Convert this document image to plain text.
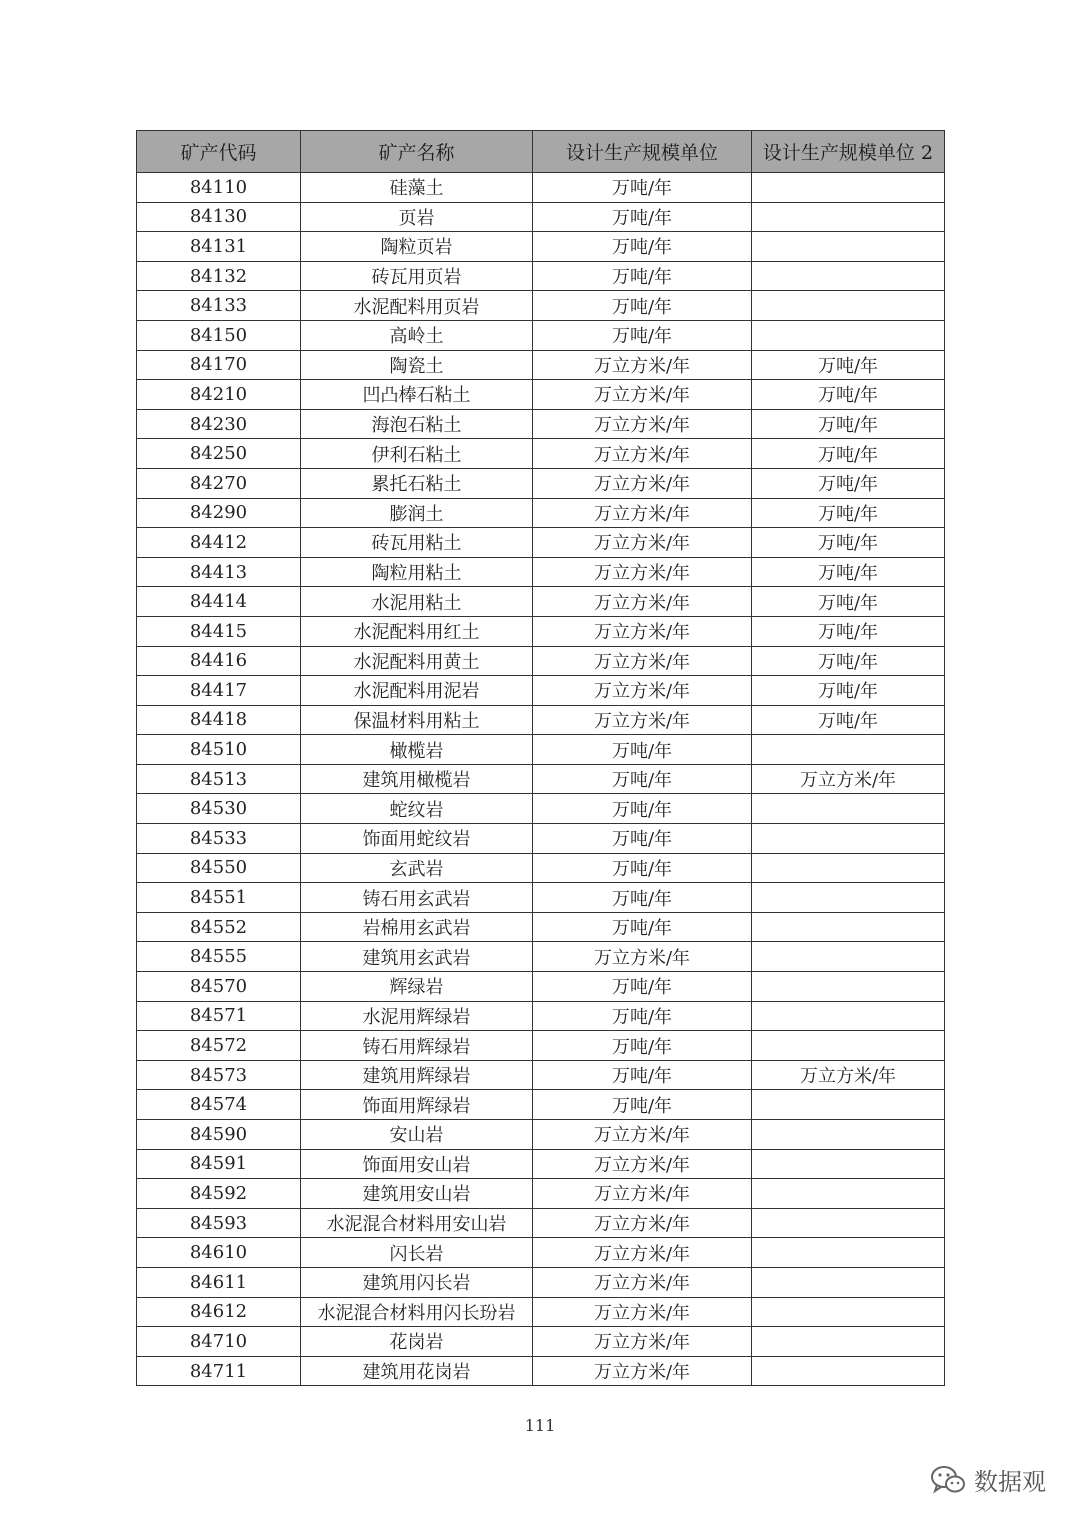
矿产代码	矿产名称	设计生产规模单位	设计生产规模单位 2
84110	硅藻土	万吨/年	
84130	页岩	万吨/年	
84131	陶粒页岩	万吨/年	
84132	砖瓦用页岩	万吨/年	
84133	水泥配料用页岩	万吨/年	
84150	高岭土	万吨/年	
84170	陶瓷土	万立方米/年	万吨/年
84210	凹凸棒石粘土	万立方米/年	万吨/年
84230	海泡石粘土	万立方米/年	万吨/年
84250	伊利石粘土	万立方米/年	万吨/年
84270	累托石粘土	万立方米/年	万吨/年
84290	膨润土	万立方米/年	万吨/年
84412	砖瓦用粘土	万立方米/年	万吨/年
84413	陶粒用粘土	万立方米/年	万吨/年
84414	水泥用粘土	万立方米/年	万吨/年
84415	水泥配料用红土	万立方米/年	万吨/年
84416	水泥配料用黄土	万立方米/年	万吨/年
84417	水泥配料用泥岩	万立方米/年	万吨/年
84418	保温材料用粘土	万立方米/年	万吨/年
84510	橄榄岩	万吨/年	
84513	建筑用橄榄岩	万吨/年	万立方米/年
84530	蛇纹岩	万吨/年	
84533	饰面用蛇纹岩	万吨/年	
84550	玄武岩	万吨/年	
84551	铸石用玄武岩	万吨/年	
84552	岩棉用玄武岩	万吨/年	
84555	建筑用玄武岩	万立方米/年	
84570	辉绿岩	万吨/年	
84571	水泥用辉绿岩	万吨/年	
84572	铸石用辉绿岩	万吨/年	
84573	建筑用辉绿岩	万吨/年	万立方米/年
84574	饰面用辉绿岩	万吨/年	
84590	安山岩	万立方米/年	
84591	饰面用安山岩	万立方米/年	
84592	建筑用安山岩	万立方米/年	
84593	水泥混合材料用安山岩	万立方米/年	
84610	闪长岩	万立方米/年	
84611	建筑用闪长岩	万立方米/年	
84612	水泥混合材料用闪长玢岩	万立方米/年	
84710	花岗岩	万立方米/年	
84711	建筑用花岗岩	万立方米/年	
111
数据观
